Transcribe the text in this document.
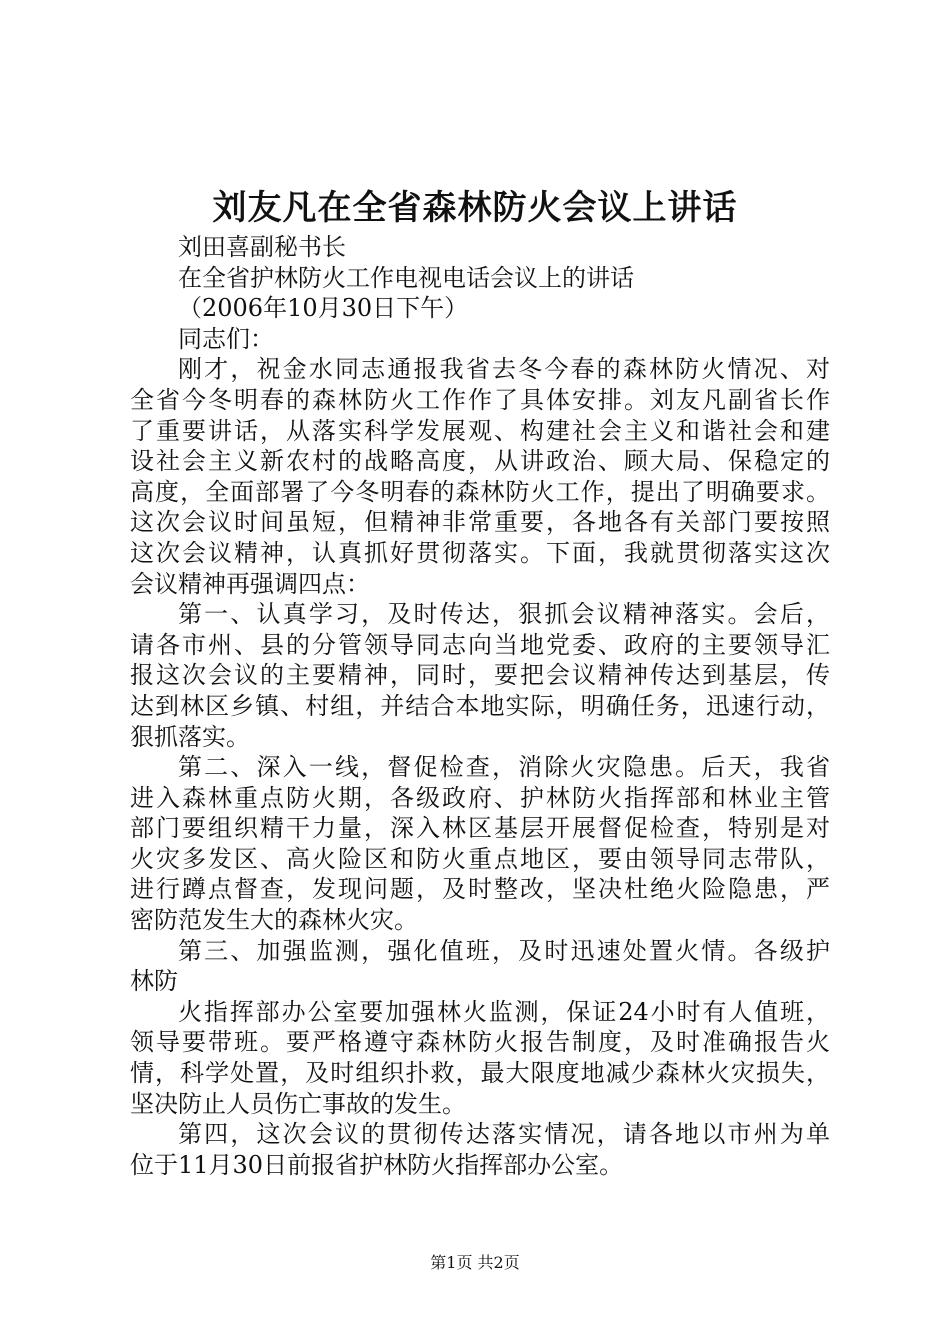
刘友凡在全省森林防火会议上讲话
刘田喜副秘书长
在全省护林防火工作电视电话会议上的讲话
（2006年10月30日下午）
同志们：
刚才，祝金水同志通报我省去冬今春的森林防火情况、对
全省今冬明春的森林防火工作作了具体安排。刘友凡副省长作
了重要讲话，从落实科学发展观、构建社会主义和谐社会和建
设社会主义新农村的战略高度，从讲政治、顾大局、保稳定的
高度，全面部署了今冬明春的森林防火工作，提出了明确要求。
这次会议时间虽短，但精神非常重要，各地各有关部门要按照
这次会议精神，认真抓好贯彻落实。下面，我就贯彻落实这次
会议精神再强调四点：
第一、认真学习，及时传达，狠抓会议精神落实。会后，
请各市州、县的分管领导同志向当地党委、政府的主要领导汇
报这次会议的主要精神，同时，要把会议精神传达到基层，传
达到林区乡镇、村组，并结合本地实际，明确任务，迅速行动，
狠抓落实。
第二、深入一线，督促检查，消除火灾隐患。后天，我省
进入森林重点防火期，各级政府、护林防火指挥部和林业主管
部门要组织精干力量，深入林区基层开展督促检查，特别是对
火灾多发区、高火险区和防火重点地区，要由领导同志带队，
进行蹲点督查，发现问题，及时整改，坚决杜绝火险隐患，严
密防范发生大的森林火灾。
第三、加强监测，强化值班，及时迅速处置火情。各级护
林防
火指挥部办公室要加强林火监测，保证24小时有人值班，
领导要带班。要严格遵守森林防火报告制度，及时准确报告火
情，科学处置，及时组织扑救，最大限度地减少森林火灾损失，
坚决防止人员伤亡事故的发生。
第四，这次会议的贯彻传达落实情况，请各地以市州为单
位于11月30日前报省护林防火指挥部办公室。
第1页 共2页
